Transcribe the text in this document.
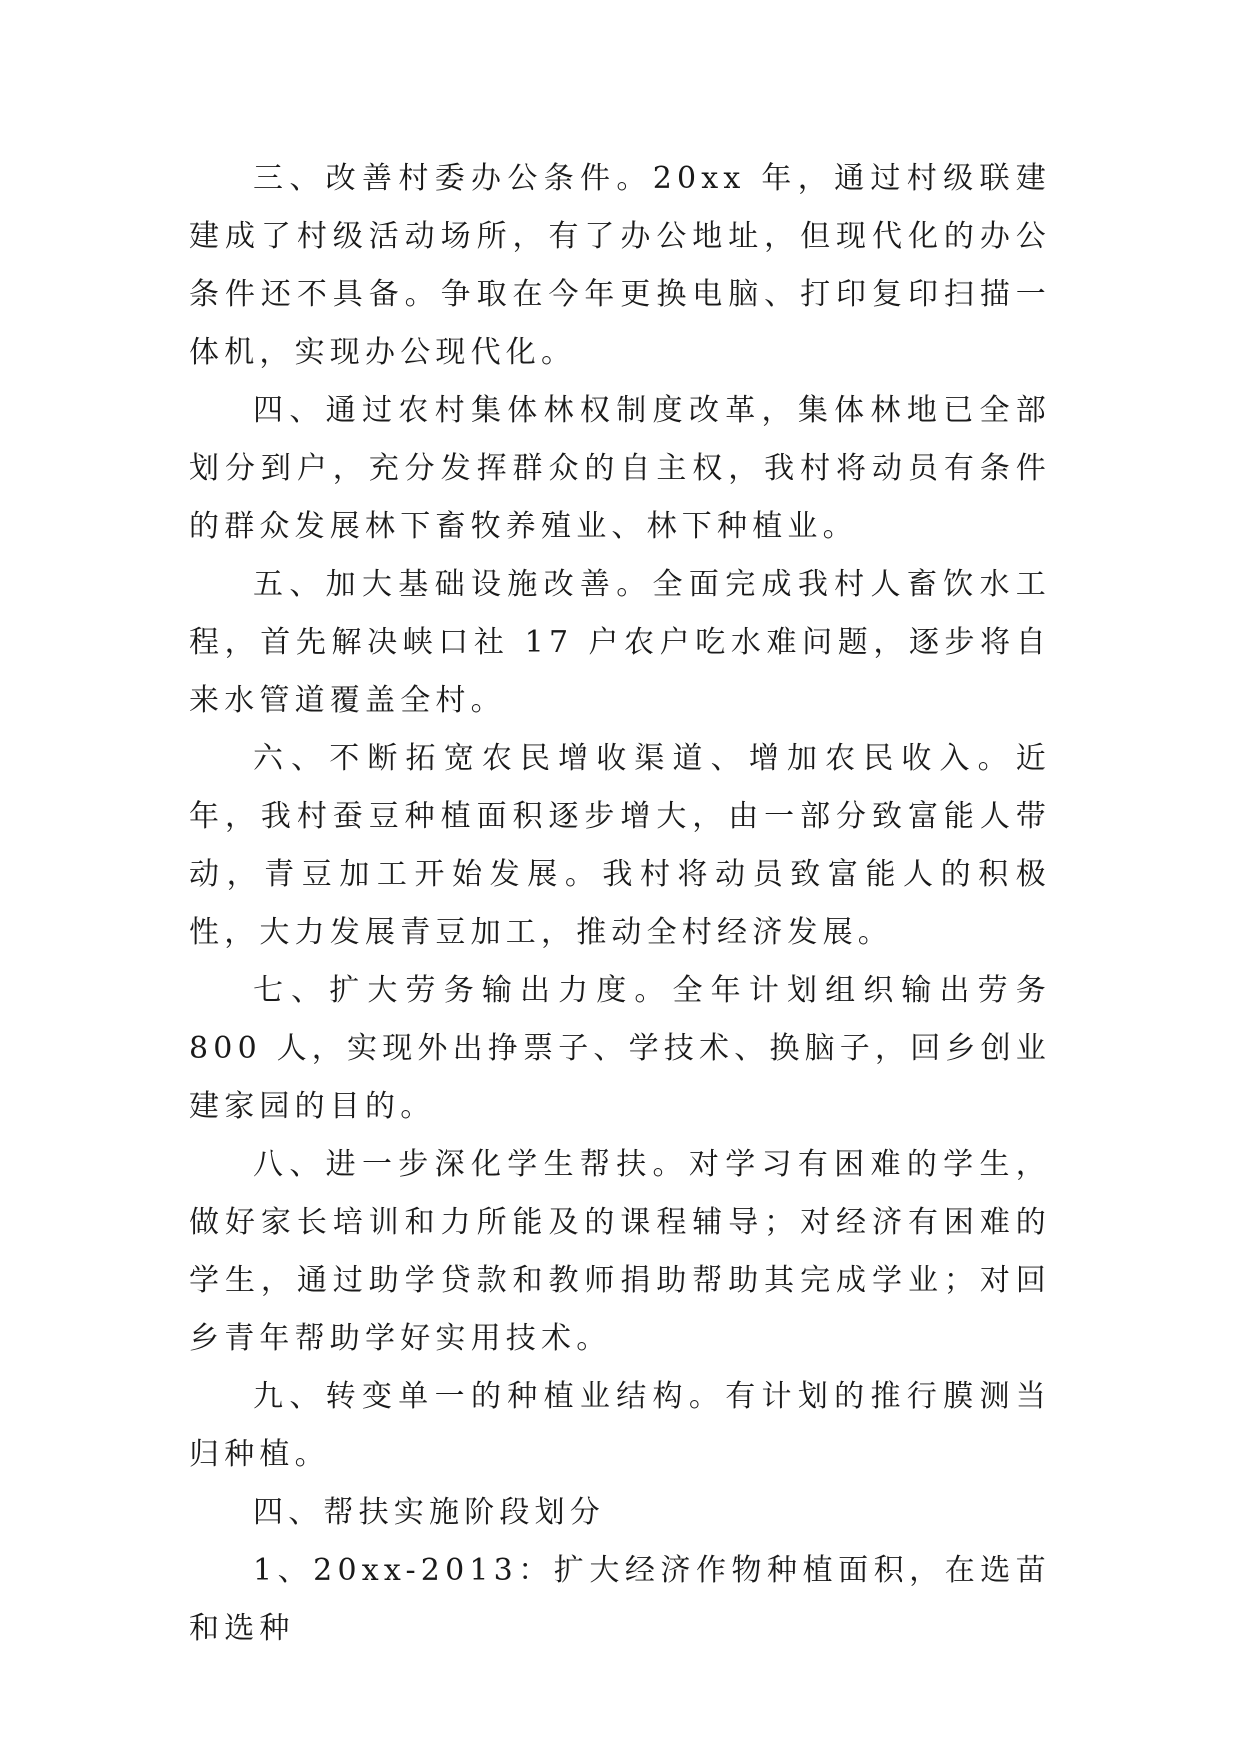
三、改善村委办公条件。20xx 年，通过村级联建建成了村级活动场所，有了办公地址，但现代化的办公条件还不具备。争取在今年更换电脑、打印复印扫描一体机，实现办公现代化。

四、通过农村集体林权制度改革，集体林地已全部划分到户，充分发挥群众的自主权，我村将动员有条件的群众发展林下畜牧养殖业、林下种植业。

五、加大基础设施改善。全面完成我村人畜饮水工程，首先解决峡口社 17 户农户吃水难问题，逐步将自来水管道覆盖全村。

六、不断拓宽农民增收渠道、增加农民收入。近年，我村蚕豆种植面积逐步增大，由一部分致富能人带动，青豆加工开始发展。我村将动员致富能人的积极性，大力发展青豆加工，推动全村经济发展。

七、扩大劳务输出力度。全年计划组织输出劳务 800 人，实现外出挣票子、学技术、换脑子，回乡创业建家园的目的。

八、进一步深化学生帮扶。对学习有困难的学生，做好家长培训和力所能及的课程辅导；对经济有困难的学生，通过助学贷款和教师捐助帮助其完成学业；对回乡青年帮助学好实用技术。

九、转变单一的种植业结构。有计划的推行膜测当归种植。

四、帮扶实施阶段划分

1、20xx-2013：扩大经济作物种植面积，在选苗和选种
